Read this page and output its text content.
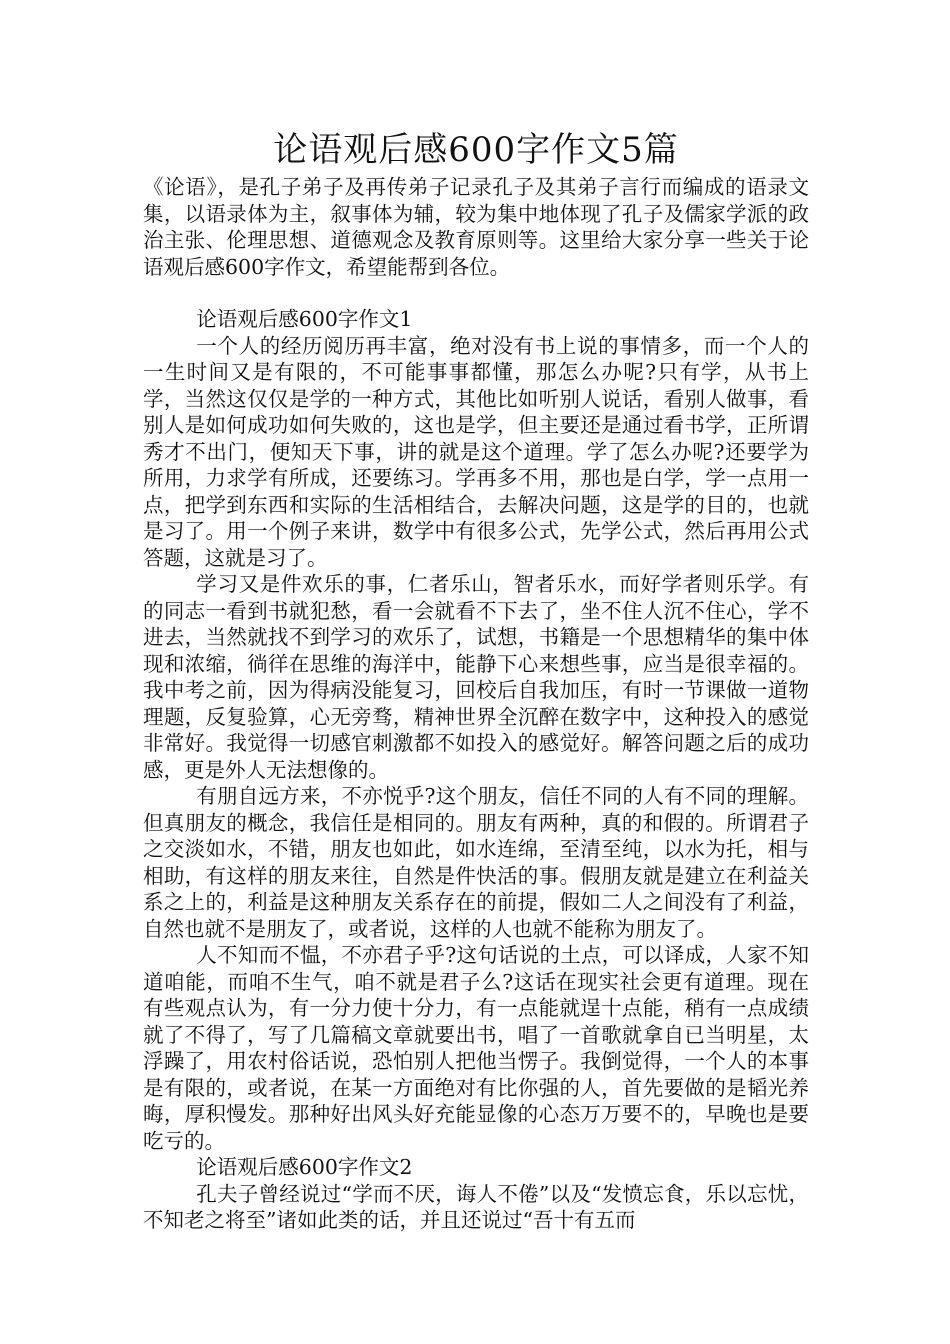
论语观后感600字作文5篇

《论语》，是孔子弟子及再传弟子记录孔子及其弟子言行而编成的语录文集，以语录体为主，叙事体为辅，较为集中地体现了孔子及儒家学派的政治主张、伦理思想、道德观念及教育原则等。这里给大家分享一些关于论语观后感600字作文，希望能帮到各位。

论语观后感600字作文1

一个人的经历阅历再丰富，绝对没有书上说的事情多，而一个人的一生时间又是有限的，不可能事事都懂，那怎么办呢?只有学，从书上学，当然这仅仅是学的一种方式，其他比如听别人说话，看别人做事，看别人是如何成功如何失败的，这也是学，但主要还是通过看书学，正所谓秀才不出门，便知天下事，讲的就是这个道理。学了怎么办呢?还要学为所用，力求学有所成，还要练习。学再多不用，那也是白学，学一点用一点，把学到东西和实际的生活相结合，去解决问题，这是学的目的，也就是习了。用一个例子来讲，数学中有很多公式，先学公式，然后再用公式答题，这就是习了。

学习又是件欢乐的事，仁者乐山，智者乐水，而好学者则乐学。有的同志一看到书就犯愁，看一会就看不下去了，坐不住人沉不住心，学不进去，当然就找不到学习的欢乐了，试想，书籍是一个思想精华的集中体现和浓缩，徜徉在思维的海洋中，能静下心来想些事，应当是很幸福的。我中考之前，因为得病没能复习，回校后自我加压，有时一节课做一道物理题，反复验算，心无旁骛，精神世界全沉醉在数字中，这种投入的感觉非常好。我觉得一切感官刺激都不如投入的感觉好。解答问题之后的成功感，更是外人无法想像的。

有朋自远方来，不亦悦乎?这个朋友，信任不同的人有不同的理解。但真朋友的概念，我信任是相同的。朋友有两种，真的和假的。所谓君子之交淡如水，不错，朋友也如此，如水连绵，至清至纯，以水为托，相与相助，有这样的朋友来往，自然是件快活的事。假朋友就是建立在利益关系之上的，利益是这种朋友关系存在的前提，假如二人之间没有了利益，自然也就不是朋友了，或者说，这样的人也就不能称为朋友了。

人不知而不愠，不亦君子乎?这句话说的土点，可以译成，人家不知道咱能，而咱不生气，咱不就是君子么?这话在现实社会更有道理。现在有些观点认为，有一分力使十分力，有一点能就逞十点能，稍有一点成绩就了不得了，写了几篇稿文章就要出书，唱了一首歌就拿自已当明星，太浮躁了，用农村俗话说，恐怕别人把他当愣子。我倒觉得，一个人的本事是有限的，或者说，在某一方面绝对有比你强的人，首先要做的是韬光养晦，厚积慢发。那种好出风头好充能显像的心态万万要不的，早晚也是要吃亏的。

论语观后感600字作文2

孔夫子曾经说过“学而不厌，诲人不倦”以及“发愤忘食，乐以忘忧，不知老之将至”诸如此类的话，并且还说过“吾十有五而
